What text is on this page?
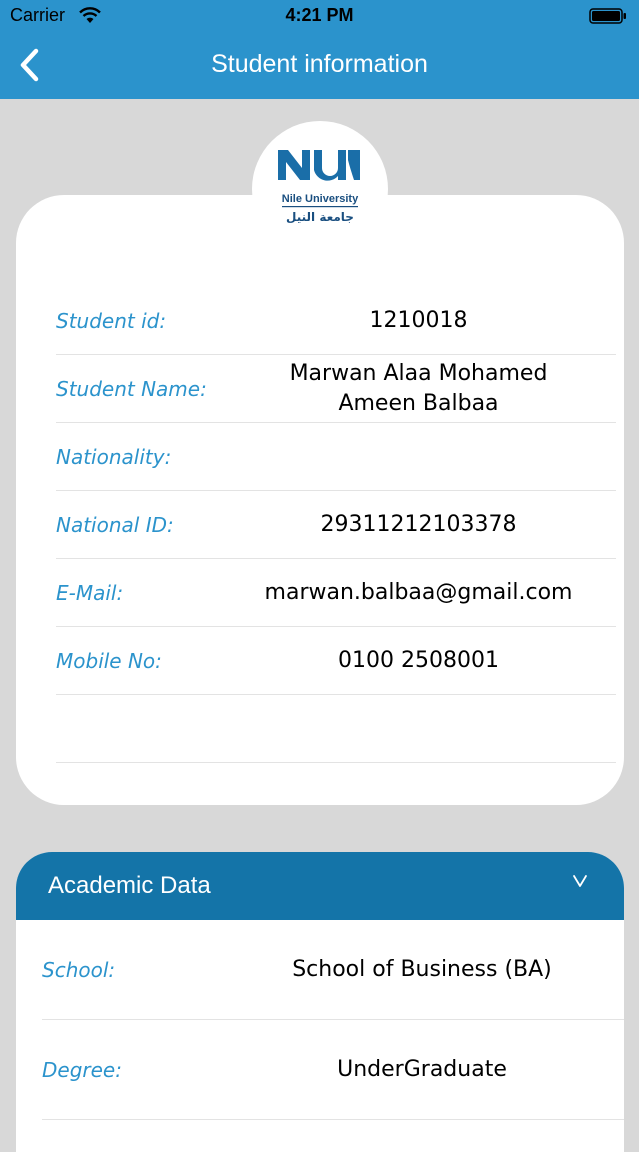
Carrier	4:21 PM
Student information
Student id:	1210018
Student Name:
Marwan Alaa Mohamed Ameen Balbaa
Nationality:
National ID:	29311212103378
E-Mail:	marwan.balbaa@gmail.com
Mobile No:	0100 2508001
Nile University
جامعة النيل
Academic Data
School:	School of Business (BA)
Degree:	UnderGraduate
